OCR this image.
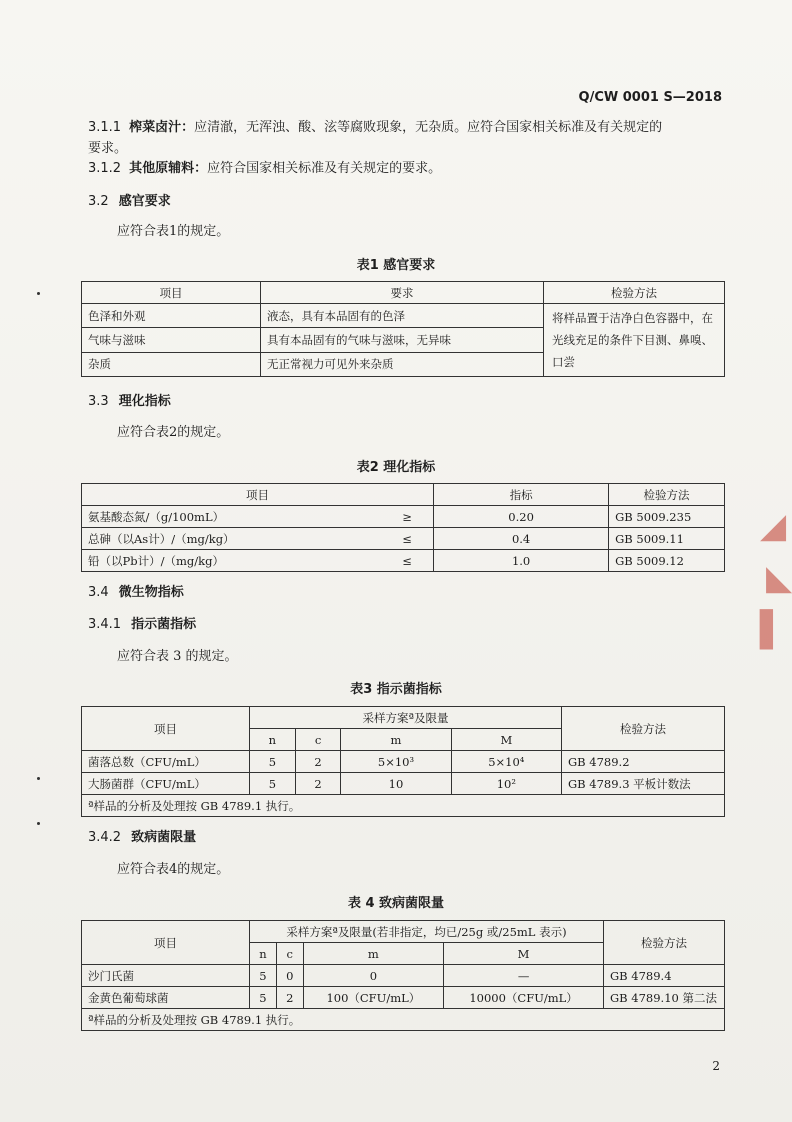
Q/CW 0001 S—2018
3.1.1 榨菜卤汁：应清澈，无浑浊、酸、泫等腐败现象，无杂质。应符合国家相关标准及有关规定的
要求。
3.1.2 其他原辅料：应符合国家相关标准及有关规定的要求。
3.2 感官要求
应符合表1的规定。
表1 感官要求
项目	要求	检验方法
色泽和外观	液态，具有本品固有的色泽	将样品置于洁净白色容器中，在光线充足的条件下目测、鼻嗅、口尝
气味与滋味	具有本品固有的气味与滋味，无异味	
杂质	无正常视力可见外来杂质	
3.3 理化指标
应符合表2的规定。
表2 理化指标
项目		指标	检验方法
氨基酸态氮/（g/100mL）	≥	0.20	GB 5009.235
总砷（以As计）/（mg/kg）	≤	0.4	GB 5009.11
铅（以Pb计）/（mg/kg）	≤	1.0	GB 5009.12
3.4 微生物指标
3.4.1 指示菌指标
应符合表 3 的规定。
表3 指示菌指标
项目	采样方案ª及限量				检验方法
	n	c	m	M	
菌落总数（CFU/mL）	5	2	5×10³	5×10⁴	GB 4789.2
大肠菌群（CFU/mL）	5	2	10	10²	GB 4789.3 平板计数法
ª样品的分析及处理按 GB 4789.1 执行。					
3.4.2 致病菌限量
应符合表4的规定。
表 4 致病菌限量
项目	采样方案ª及限量(若非指定，均已/25g 或/25mL 表示)				检验方法
	n	c	m	M	
沙门氏菌	5	0	0	—	GB 4789.4
金黄色葡萄球菌	5	2	100（CFU/mL）	10000（CFU/mL）	GB 4789.10 第二法
ª样品的分析及处理按 GB 4789.1 执行。					
2
◢
◣
▌
